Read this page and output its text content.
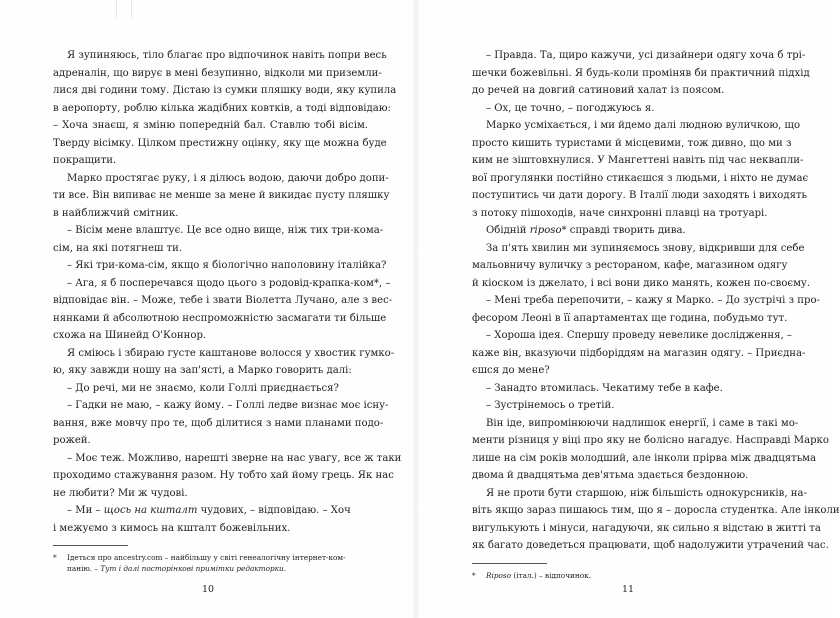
Я зупиняюсь, тіло благає про відпочинок навіть попри весь
адреналін, що вирує в мені безупинно, відколи ми приземли-
лися дві години тому. Дістаю із сумки пляшку води, яку купила
в аеропорту, роблю кілька жадібних ковтків, а тоді відповідаю:
– Хоча знаєш, я зміню попередній бал. Ставлю тобі вісім.
Тверду вісімку. Цілком престижну оцінку, яку ще можна буде
покращити.
Марко простягає руку, і я ділюсь водою, даючи добро допи-
ти все. Він випиває не менше за мене й викидає пусту пляшку
в найближчий смітник.
– Вісім мене влаштує. Це все одно вище, ніж тих три-кома-
сім, на які потягнеш ти.
– Які три-кома-сім, якщо я біологічно наполовину італійка?
– Ага, я б посперечався щодо цього з родовід-крапка-ком*, –
відповідає він. – Може, тебе і звати Віолетта Лучано, але з вес-
нянками й абсолютною неспроможністю засмагати ти більше
схожа на Шинейд О'Коннор.
Я сміюсь і збираю густе каштанове волосся у хвостик гумко-
ю, яку завжди ношу на зап'ясті, а Марко говорить далі:
– До речі, ми не знаємо, коли Голлі приєднається?
– Гадки не маю, – кажу йому. – Голлі ледве визнає моє існу-
вання, вже мовчу про те, щоб ділитися з нами планами подо-
рожей.
– Моє теж. Можливо, нарешті зверне на нас увагу, все ж таки
проходимо стажування разом. Ну тобто хай йому грець. Як нас
не любити? Ми ж чудові.
– Ми – щось на кшталт чудових, – відповідаю. – Хоч
і межуємо з кимось на кшталт божевільних.
* Ідеться про ancestry.com – найбільшу у світі генеалогічну інтернет-ком-
панію. – Тут і далі посторінкові примітки редакторки.
10
– Правда. Та, щиро кажучи, усі дизайнери одягу хоча б трі-
шечки божевільні. Я будь-коли проміняв би практичний підхід
до речей на довгий сатиновий халат із поясом.
– Ох, це точно, – погоджуюсь я.
Марко усміхається, і ми йдемо далі людною вуличкою, що
просто кишить туристами й місцевими, тож дивно, що ми з
ким не зіштовхнулися. У Мангеттені навіть під час неквапли-
вої прогулянки постійно стикаєшся з людьми, і ніхто не думає
поступитись чи дати дорогу. В Італії люди заходять і виходять
з потоку пішоходів, наче синхронні плавці на тротуарі.
Обідній riposo* справді творить дива.
За п'ять хвилин ми зупиняємось знову, відкривши для себе
мальовничу вуличку з рестораном, кафе, магазином одягу
й кіоском із джелато, і всі вони дико манять, кожен по-своєму.
– Мені треба перепочити, – кажу я Марко. – До зустрічі з про-
фесором Леоні в її апартаментах ще година, побудьмо тут.
– Хороша ідея. Спершу проведу невелике дослідження, –
каже він, вказуючи підборіддям на магазин одягу. – Приєдна-
єшся до мене?
– Занадто втомилась. Чекатиму тебе в кафе.
– Зустрінемось о третій.
Він іде, випромінюючи надлишок енергії, і саме в такі мо-
менти різниця у віці про яку не болісно нагадує. Насправді Марко
лише на сім років молодший, але інколи прірва між двадцятьма
двома й двадцятьма дев'ятьма здається бездонною.
Я не проти бути старшою, ніж більшість однокурсників, на-
віть якщо зараз пишаюсь тим, що я – доросла студентка. Але інколи
вигулькують і мінуси, нагадуючи, як сильно я відстаю в житті та
як багато доведеться працювати, щоб надолужити утрачений час.
* Riposo (італ.) – відпочинок.
11
